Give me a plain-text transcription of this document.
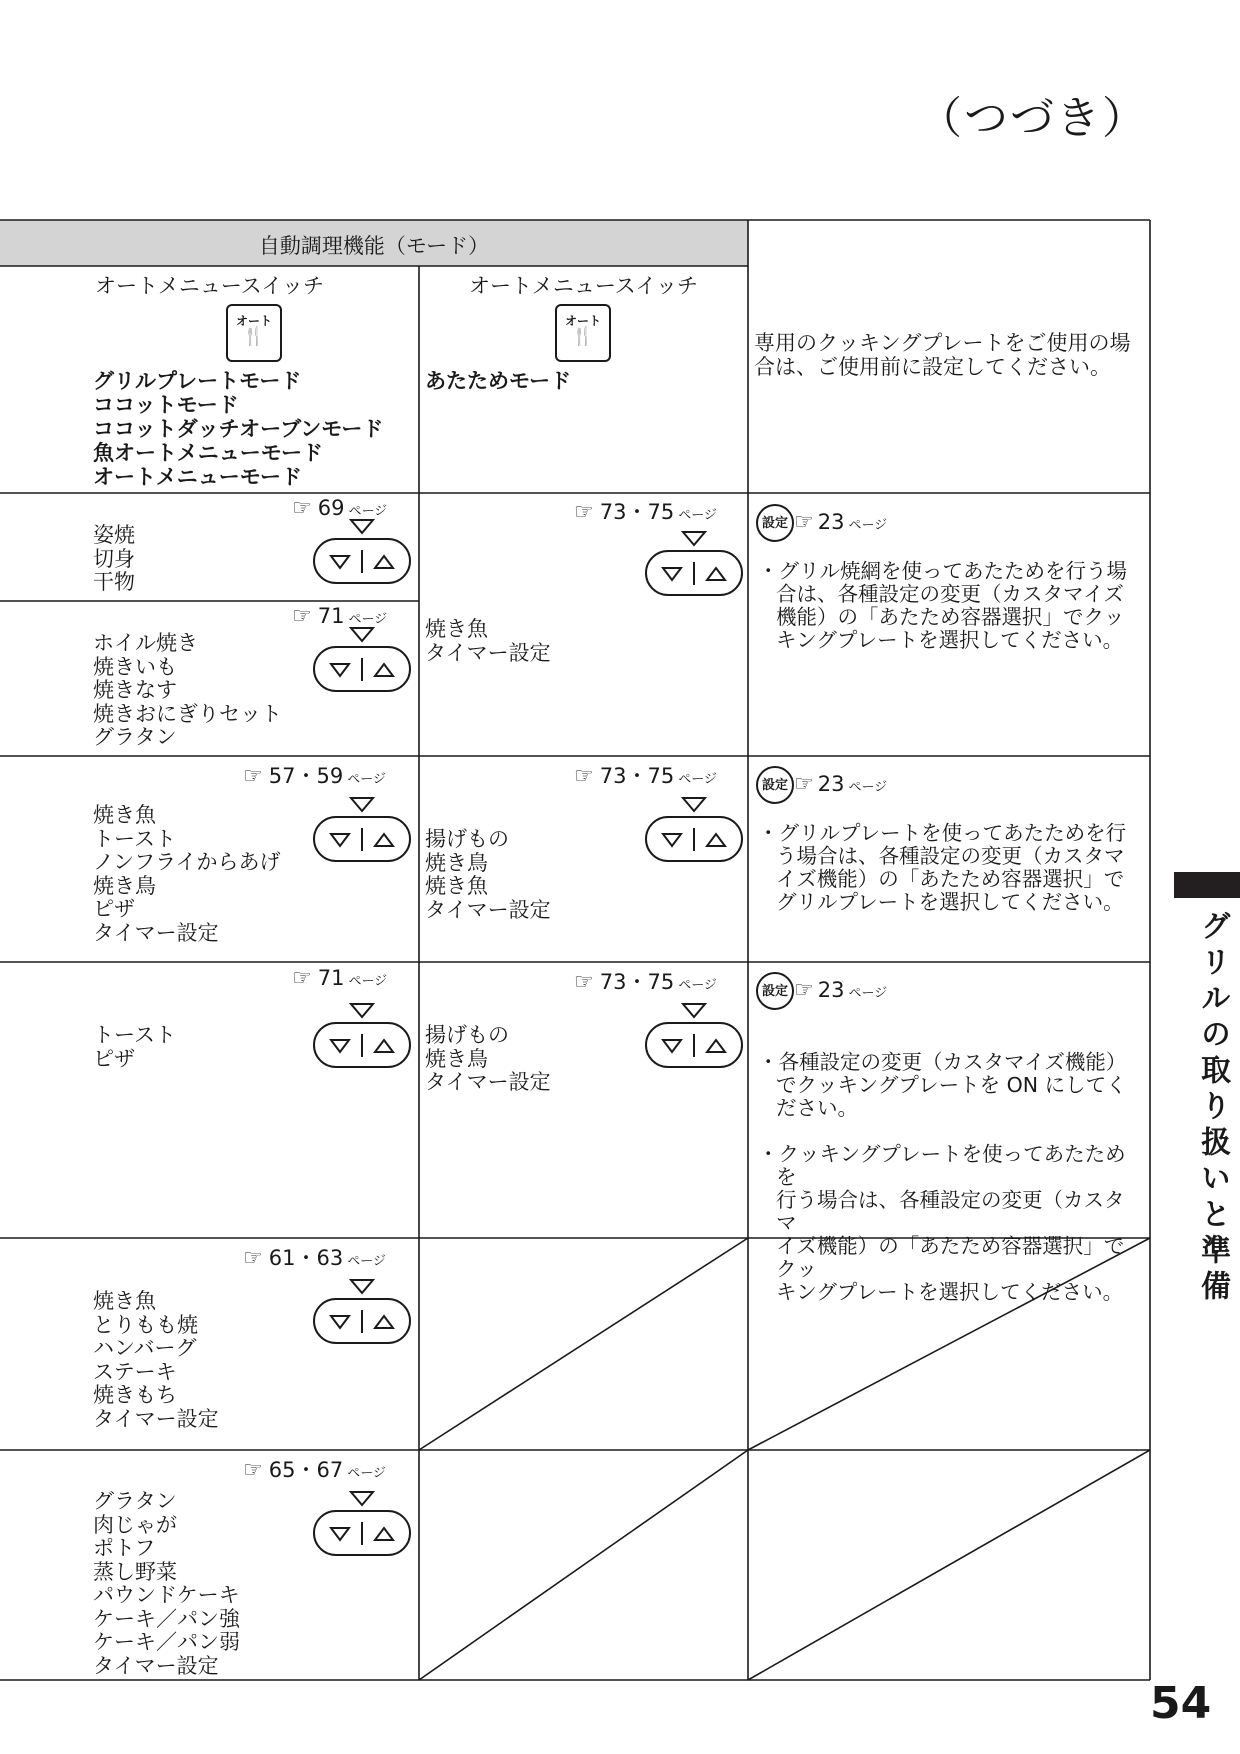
（つづき）
自動調理機能（モード）
オートメニュースイッチ	オートメニュースイッチ
オート
🍴
オート
🍴
グリルプレートモード
ココットモード
ココットダッチオーブンモード
魚オートメニューモード
オートメニューモード
あたためモード
専用のクッキングプレートをご使用の場
合は、ご使用前に設定してください。
☞ 69 ページ
姿焼
切身
干物
☞ 71 ページ
ホイル焼き
焼きいも
焼きなす
焼きおにぎりセット
グラタン
☞ 73・75 ページ
焼き魚
タイマー設定
設定 ☞ 23 ページ
・グリル焼網を使ってあたためを行う場
合は、各種設定の変更（カスタマイズ
機能）の「あたため容器選択」でクッ
キングプレートを選択してください。
☞ 57・59 ページ
焼き魚
トースト
ノンフライからあげ
焼き鳥
ピザ
タイマー設定
☞ 73・75 ページ
揚げもの
焼き鳥
焼き魚
タイマー設定
設定 ☞ 23 ページ
・グリルプレートを使ってあたためを行
う場合は、各種設定の変更（カスタマ
イズ機能）の「あたため容器選択」で
グリルプレートを選択してください。
☞ 71 ページ
トースト
ピザ
☞ 73・75 ページ
揚げもの
焼き鳥
タイマー設定
設定 ☞ 23 ページ

・各種設定の変更（カスタマイズ機能）
でクッキングプレートを ON にしてく
ださい。

・クッキングプレートを使ってあたためを
行う場合は、各種設定の変更（カスタマ
イズ機能）の「あたため容器選択」でクッ
キングプレートを選択してください。

☞ 61・63 ページ
焼き魚
とりもも焼
ハンバーグ
ステーキ
焼きもち
タイマー設定
☞ 65・67 ページ
グラタン
肉じゃが
ポトフ
蒸し野菜
パウンドケーキ
ケーキ／パン強
ケーキ／パン弱
タイマー設定
グリルの取り扱いと準備
54
